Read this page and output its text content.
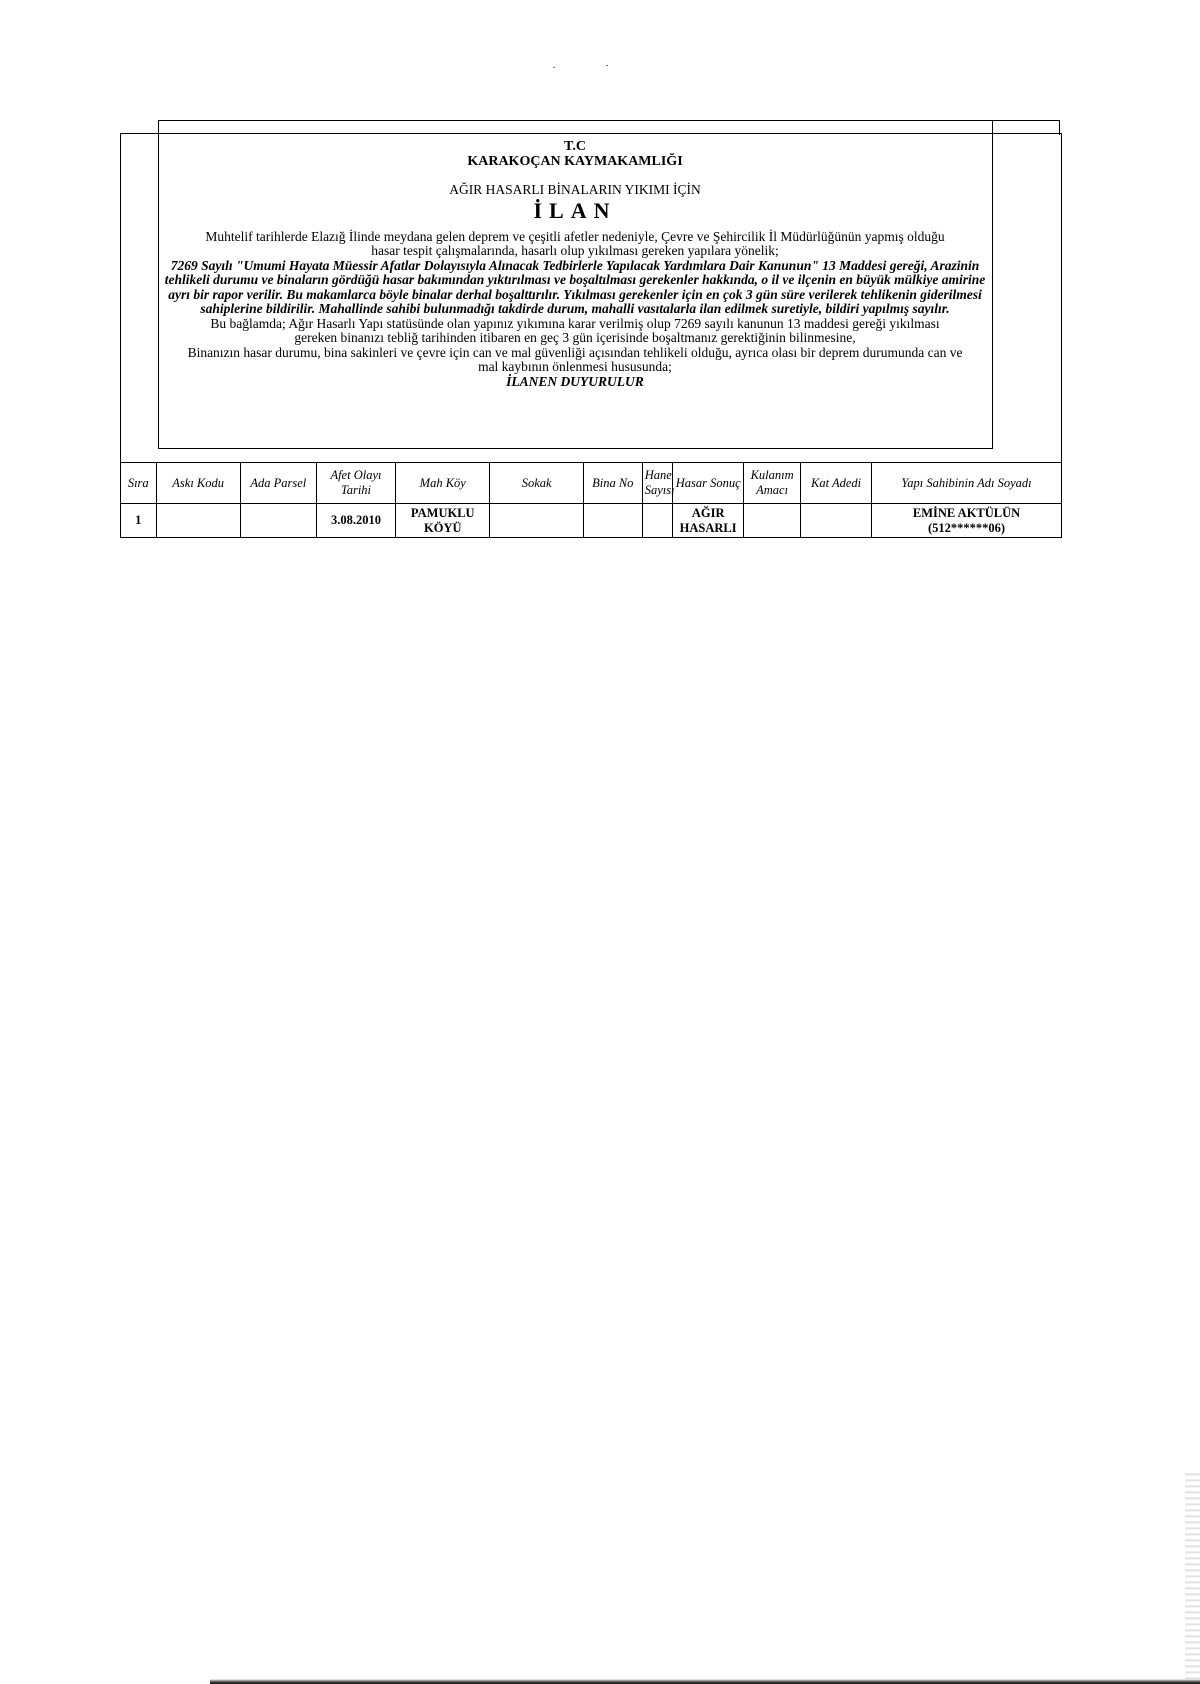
T.C
KARAKOÇAN KAYMAKAMLIĞI
AĞIR HASARLI BİNALARIN YIKIMI İÇİN
İLAN
Muhtelif tarihlerde Elazığ İlinde meydana gelen deprem ve çeşitli afetler nedeniyle, Çevre ve Şehircilik İl Müdürlüğünün yapmış olduğu hasar tespit çalışmalarında, hasarlı olup yıkılması gereken yapılara yönelik;
7269 Sayılı "Umumi Hayata Müessir Afatlar Dolayısıyla Alınacak Tedbirlerle Yapılacak Yardımlara Dair Kanunun" 13 Maddesi gereği, Arazinin tehlikeli durumu ve binaların gördüğü hasar bakımından yıktırılması ve boşaltılması gerekenler hakkında, o il ve ilçenin en büyük mülkiye amirine ayrı bir rapor verilir. Bu makamlarca böyle binalar derhal boşalttırılır. Yıkılması gerekenler için en çok 3 gün süre verilerek tehlikenin giderilmesi sahiplerine bildirilir. Mahallinde sahibi bulunmadığı takdirde durum, mahalli vasıtalarla ilan edilmek suretiyle, bildiri yapılmış sayılır.
Bu bağlamda; Ağır Hasarlı Yapı statüsünde olan yapınız yıkımına karar verilmiş olup 7269 sayılı kanunun 13 maddesi gereği yıkılması gereken binanızı tebliğ tarihinden itibaren en geç 3 gün içerisinde boşaltmanız gerektiğinin bilinmesine,
Binanızın hasar durumu, bina sakinleri ve çevre için can ve mal güvenliği açısından tehlikeli olduğu, ayrıca olası bir deprem durumunda can ve mal kaybının önlenmesi hususunda;
İLANEN DUYURULUR
Sıra	Askı Kodu	Ada Parsel	Afet Olayı Tarihi	Mah Köy	Sokak	Bina No	Hane Sayısı	Hasar Sonuç	Kulanım Amacı	Kat Adedi	Yapı Sahibinin Adı Soyadı
1			3.08.2010	PAMUKLU KÖYÜ				AĞIR HASARLI			EMİNE AKTÜLÜN (512******06)
